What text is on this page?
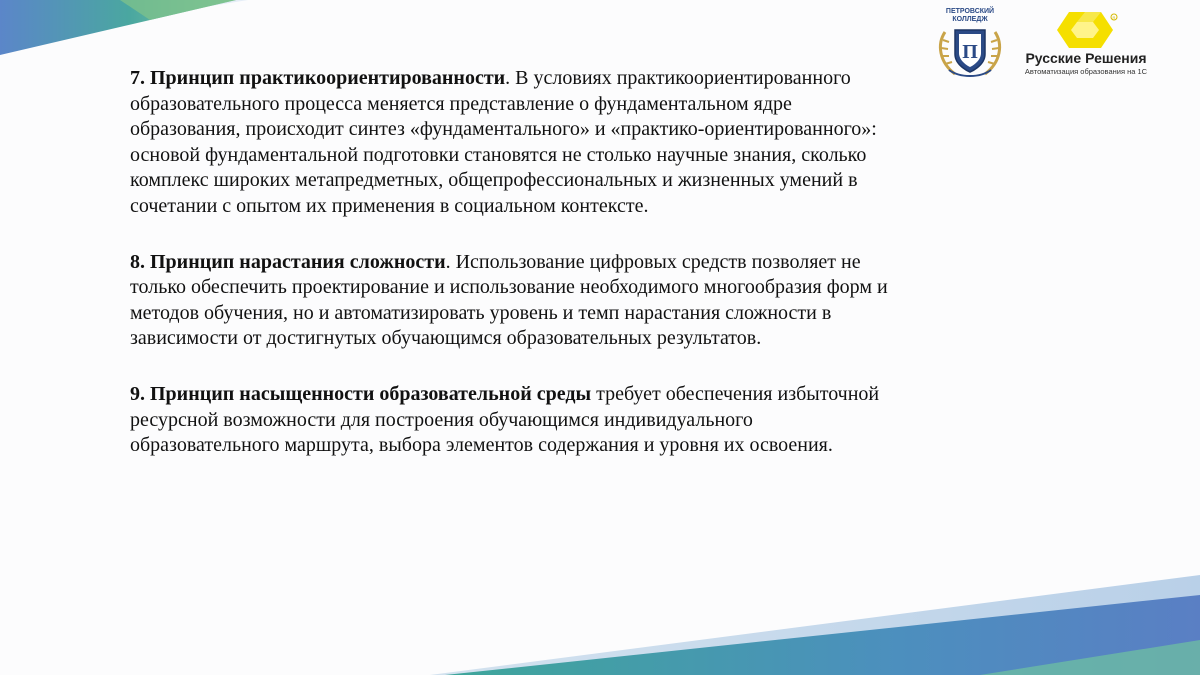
ПЕТРОВСКИЙ
КОЛЛЕДЖ
П
R
Русские Решения
Автоматизация образования на 1С

7. Принцип практикоориентированности. В условиях практикоориентированного образовательного процесса меняется представление о фундаментальном ядре образования, происходит синтез «фундаментального» и «практико-ориентированного»: основой фундаментальной подготовки становятся не столько научные знания, сколько комплекс широких метапредметных, общепрофессиональных и жизненных умений в сочетании с опытом их применения в социальном контексте.

8. Принцип нарастания сложности. Использование цифровых средств позволяет не только обеспечить проектирование и использование необходимого многообразия форм и методов обучения, но и автоматизировать уровень и темп нарастания сложности в зависимости от достигнутых обучающимся образовательных результатов.

9. Принцип насыщенности образовательной среды требует обеспечения избыточной ресурсной возможности для построения обучающимся индивидуального образовательного маршрута, выбора элементов содержания и уровня их освоения.
